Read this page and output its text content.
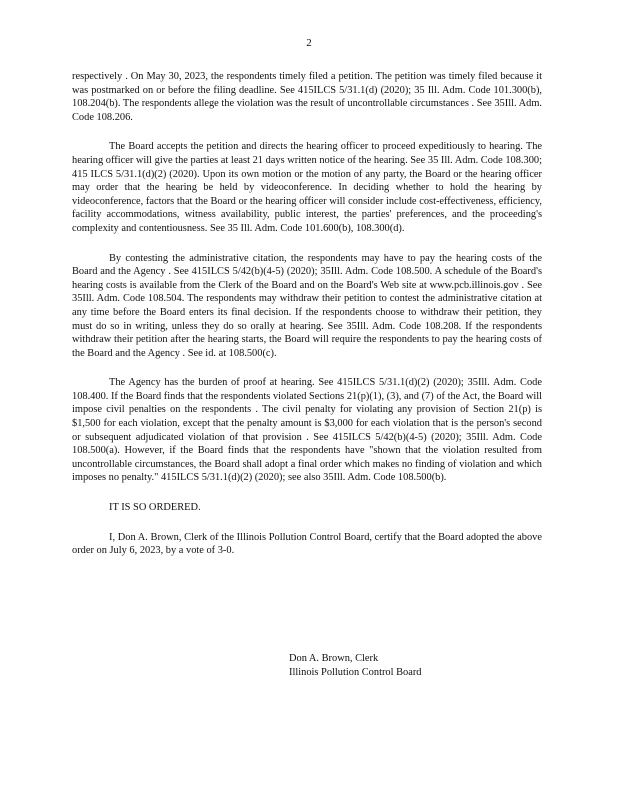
2

respectively . On May 30, 2023, the respondents timely filed a petition. The petition was timely filed because it was postmarked on or before the filing deadline. See 415ILCS 5/31.1(d) (2020); 35 Ill. Adm. Code 101.300(b), 108.204(b). The respondents allege the violation was the result of uncontrollable circumstances . See 35Ill. Adm. Code 108.206.

The Board accepts the petition and directs the hearing officer to proceed expeditiously to hearing. The hearing officer will give the parties at least 21 days written notice of the hearing. See 35 Ill. Adm. Code 108.300; 415 ILCS 5/31.1(d)(2) (2020). Upon its own motion or the motion of any party, the Board or the hearing officer may order that the hearing be held by videoconference. In deciding whether to hold the hearing by videoconference, factors that the Board or the hearing officer will consider include cost-effectiveness, efficiency, facility accommodations, witness availability, public interest, the parties' preferences, and the proceeding's complexity and contentiousness. See 35 Ill. Adm. Code 101.600(b), 108.300(d).

By contesting the administrative citation, the respondents may have to pay the hearing costs of the Board and the Agency . See 415ILCS 5/42(b)(4-5) (2020); 35Ill. Adm. Code 108.500. A schedule of the Board's hearing costs is available from the Clerk of the Board and on the Board's Web site at www.pcb.illinois.gov . See 35Ill. Adm. Code 108.504. The respondents may withdraw their petition to contest the administrative citation at any time before the Board enters its final decision. If the respondents choose to withdraw their petition, they must do so in writing, unless they do so orally at hearing. See 35Ill. Adm. Code 108.208. If the respondents withdraw their petition after the hearing starts, the Board will require the respondents to pay the hearing costs of the Board and the Agency . See id. at 108.500(c).

The Agency has the burden of proof at hearing. See 415ILCS 5/31.1(d)(2) (2020); 35Ill. Adm. Code 108.400. If the Board finds that the respondents violated Sections 21(p)(1), (3), and (7) of the Act, the Board will impose civil penalties on the respondents . The civil penalty for violating any provision of Section 21(p) is $1,500 for each violation, except that the penalty amount is $3,000 for each violation that is the person's second or subsequent adjudicated violation of that provision . See 415ILCS 5/42(b)(4-5) (2020); 35Ill. Adm. Code 108.500(a). However, if the Board finds that the respondents have "shown that the violation resulted from uncontrollable circumstances, the Board shall adopt a final order which makes no finding of violation and which imposes no penalty." 415ILCS 5/31.1(d)(2) (2020); see also 35Ill. Adm. Code 108.500(b).

IT IS SO ORDERED.

I, Don A. Brown, Clerk of the Illinois Pollution Control Board, certify that the Board adopted the above order on July 6, 2023, by a vote of 3-0.

Don A. Brown, Clerk
Illinois Pollution Control Board
